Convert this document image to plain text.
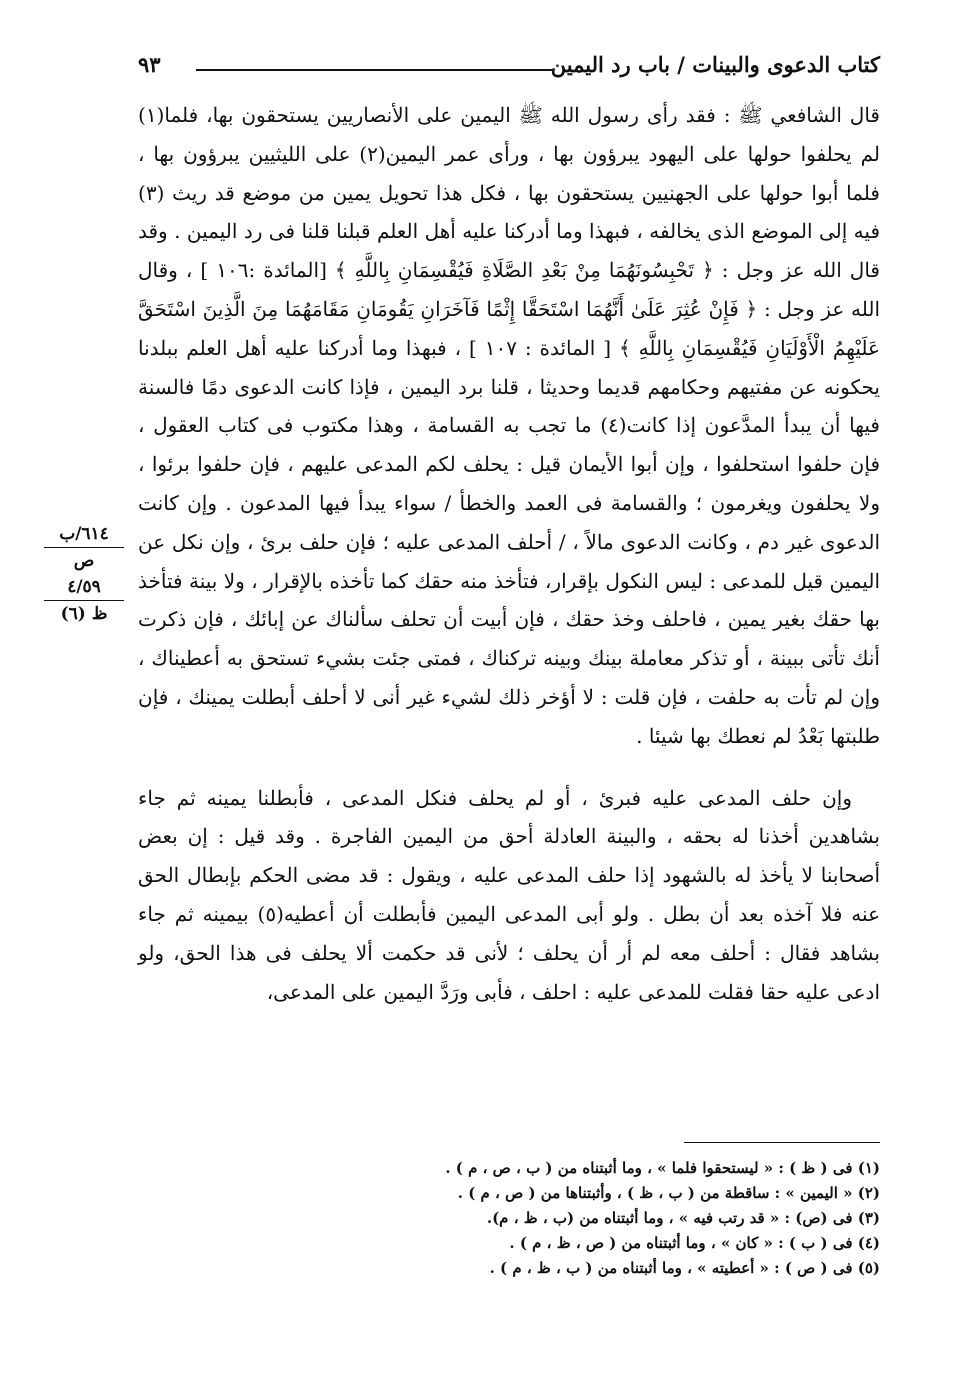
كتاب الدعوى والبينات / باب رد اليمين
٩٣

قال الشافعي ﷺ : فقد رأى رسول الله ﷺ اليمين على الأنصاريين يستحقون بها، فلما(١) لم يحلفوا حولها على اليهود يبرؤون بها ، ورأى عمر اليمين(٢) على الليثيين يبرؤون بها ، فلما أبوا حولها على الجهنيين يستحقون بها ، فكل هذا تحويل يمين من موضع قد ريث (٣) فيه إلى الموضع الذى يخالفه ، فبهذا وما أدركنا عليه أهل العلم قبلنا قلنا فى رد اليمين . وقد قال الله عز وجل : ﴿ تَحْبِسُونَهُمَا مِنْ بَعْدِ الصَّلَاةِ فَيُقْسِمَانِ بِاللَّهِ ﴾ [المائدة :١٠٦ ] ، وقال الله عز وجل : ﴿ فَإِنْ عُثِرَ عَلَىٰ أَنَّهُمَا اسْتَحَقَّا إِثْمًا فَآخَرَانِ يَقُومَانِ مَقَامَهُمَا مِنَ الَّذِينَ اسْتَحَقَّ عَلَيْهِمُ الْأَوْلَيَانِ فَيُقْسِمَانِ بِاللَّهِ ﴾ [ المائدة : ١٠٧ ] ، فبهذا وما أدركنا عليه أهل العلم ببلدنا يحكونه عن مفتيهم وحكامهم قديما وحديثا ، قلنا برد اليمين ، فإذا كانت الدعوى دمًا فالسنة فيها أن يبدأ المدَّعون إذا كانت(٤) ما تجب به القسامة ، وهذا مكتوب فى كتاب العقول ، فإن حلفوا استحلفوا ، وإن أبوا الأيمان قيل : يحلف لكم المدعى عليهم ، فإن حلفوا برئوا ، ولا يحلفون ويغرمون ؛ والقسامة فى العمد والخطأ / سواء يبدأ فيها المدعون . وإن كانت الدعوى غير دم ، وكانت الدعوى مالاً ، / أحلف المدعى عليه ؛ فإن حلف برئ ، وإن نكل عن اليمين قيل للمدعى : ليس النكول بإقرار، فتأخذ منه حقك كما تأخذه بالإقرار ، ولا بينة فتأخذ بها حقك بغير يمين ، فاحلف وخذ حقك ، فإن أبيت أن تحلف سألناك عن إبائك ، فإن ذكرت أنك تأتى ببينة ، أو تذكر معاملة بينك وبينه تركناك ، فمتى جئت بشيء تستحق به أعطيناك ، وإن لم تأت به حلفت ، فإن قلت : لا أؤخر ذلك لشيء غير أنى لا أحلف أبطلت يمينك ، فإن طلبتها بَعْدُ لم نعطك بها شيئا .

وإن حلف المدعى عليه فبرئ ، أو لم يحلف فنكل المدعى ، فأبطلنا يمينه ثم جاء بشاهدين أخذنا له بحقه ، والبينة العادلة أحق من اليمين الفاجرة . وقد قيل : إن بعض أصحابنا لا يأخذ له بالشهود إذا حلف المدعى عليه ، ويقول : قد مضى الحكم بإبطال الحق عنه فلا آخذه بعد أن بطل . ولو أبى المدعى اليمين فأبطلت أن أعطيه(٥) بيمينه ثم جاء بشاهد فقال : أحلف معه لم أر أن يحلف ؛ لأنى قد حكمت ألا يحلف فى هذا الحق، ولو ادعى عليه حقا فقلت للمدعى عليه : احلف ، فأبى ورَدَّ اليمين على المدعى،

٦١٤/ب
ص
٤/٥٩
ظ (٦)
(١) فى ( ظ ) : « ليستحقوا فلما » ، وما أثبتناه من ( ب ، ص ، م ) .
(٢) « اليمين » : ساقطة من ( ب ، ظ ) ، وأثبتناها من ( ص ، م ) .
(٣) فى (ص) : « قد رتب فيه » ، وما أثبتناه من (ب ، ظ ، م).
(٤) فى ( ب ) : « كان » ، وما أثبتناه من ( ص ، ظ ، م ) .
(٥) فى ( ص ) : « أعطيته » ، وما أثبتناه من ( ب ، ظ ، م ) .
